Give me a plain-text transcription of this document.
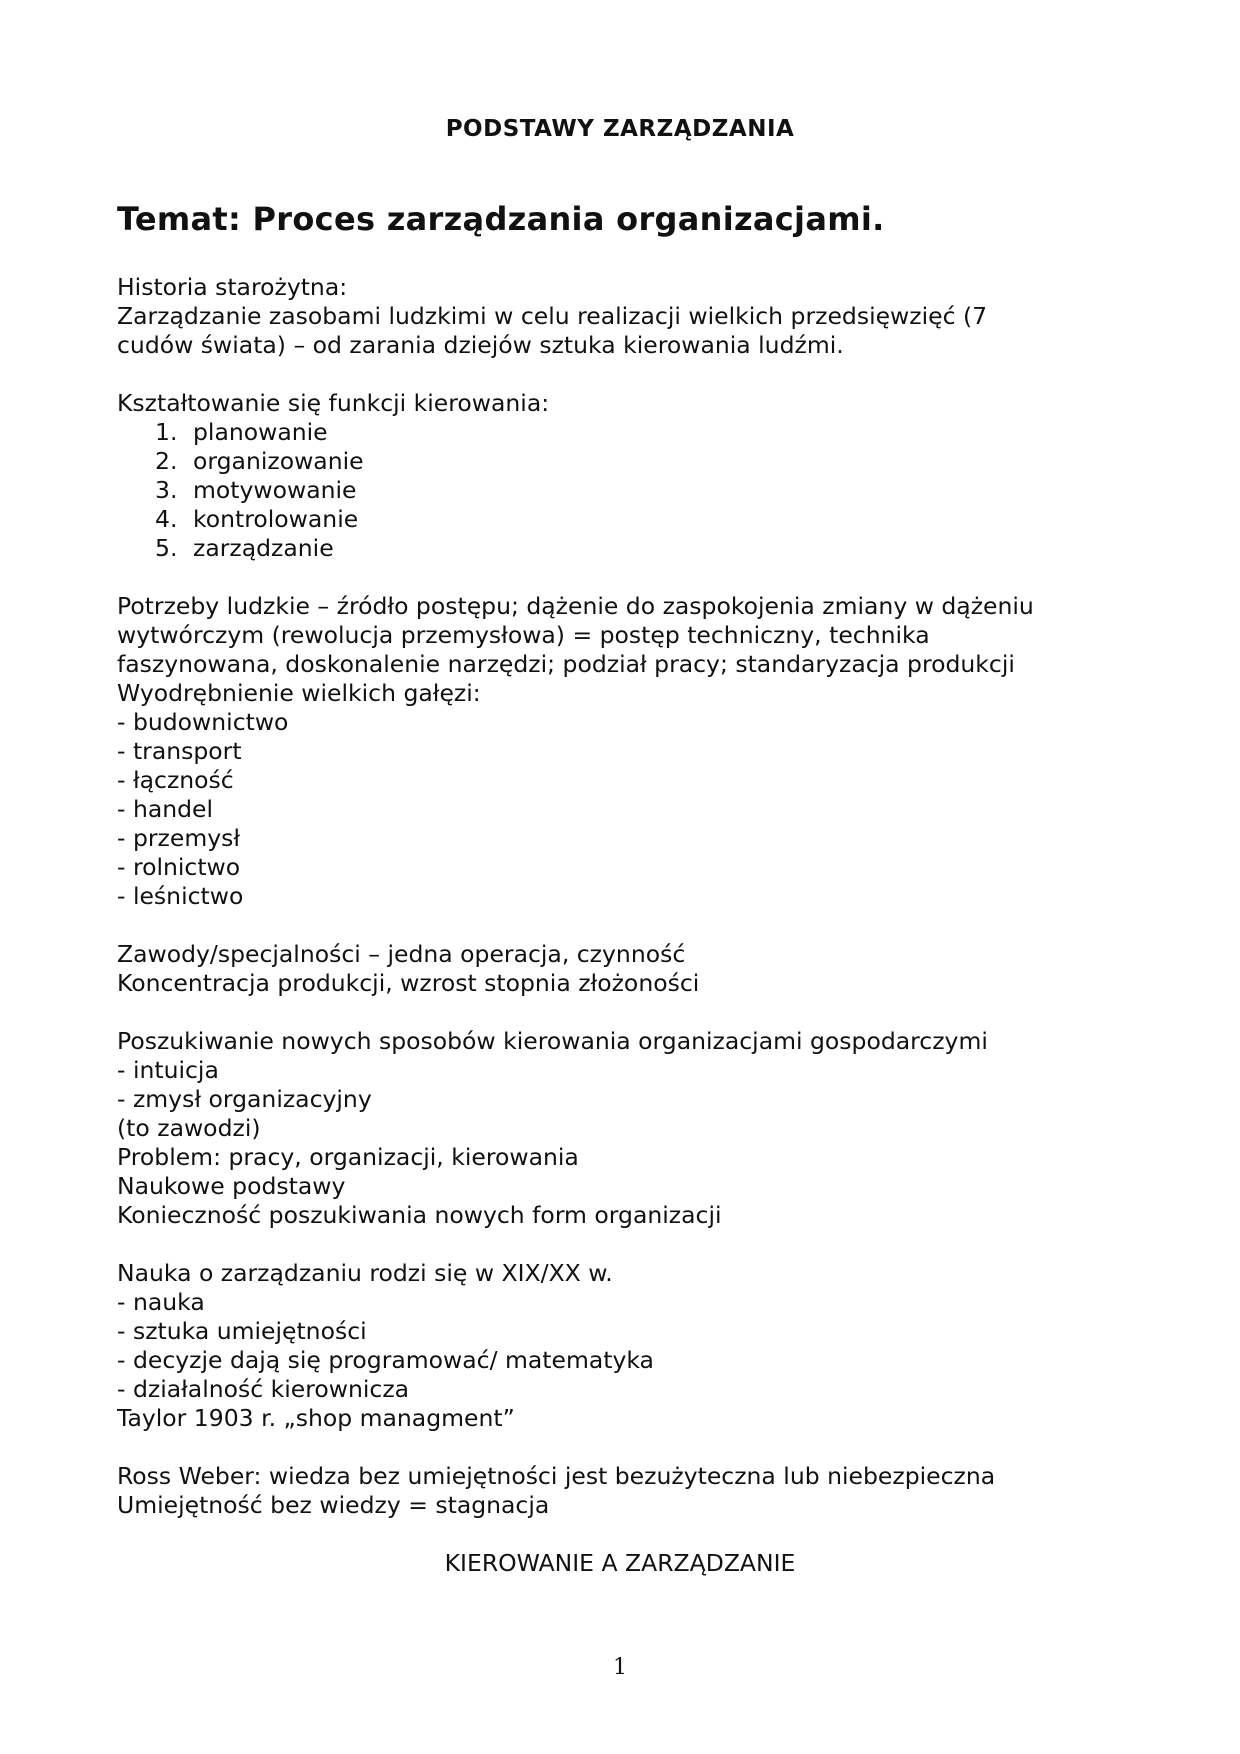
PODSTAWY ZARZĄDZANIA
Temat: Proces zarządzania organizacjami.
Historia starożytna:
Zarządzanie zasobami ludzkimi w celu realizacji wielkich przedsięwzięć (7
cudów świata) – od zarania dziejów sztuka kierowania ludźmi.
Kształtowanie się funkcji kierowania:
1. planowanie
2. organizowanie
3. motywowanie
4. kontrolowanie
5. zarządzanie
Potrzeby ludzkie – źródło postępu; dążenie do zaspokojenia zmiany w dążeniu
wytwórczym (rewolucja przemysłowa) = postęp techniczny, technika
faszynowana, doskonalenie narzędzi; podział pracy; standaryzacja produkcji
Wyodrębnienie wielkich gałęzi:
- budownictwo
- transport
- łączność
- handel
- przemysł
- rolnictwo
- leśnictwo
Zawody/specjalności – jedna operacja, czynność
Koncentracja produkcji, wzrost stopnia złożoności
Poszukiwanie nowych sposobów kierowania organizacjami gospodarczymi
- intuicja
- zmysł organizacyjny
(to zawodzi)
Problem: pracy, organizacji, kierowania
Naukowe podstawy
Konieczność poszukiwania nowych form organizacji
Nauka o zarządzaniu rodzi się w XIX/XX w.
- nauka
- sztuka umiejętności
- decyzje dają się programować/ matematyka
- działalność kierownicza
Taylor 1903 r. „shop managment”
Ross Weber: wiedza bez umiejętności jest bezużyteczna lub niebezpieczna
Umiejętność bez wiedzy = stagnacja
KIEROWANIE A ZARZĄDZANIE
1
